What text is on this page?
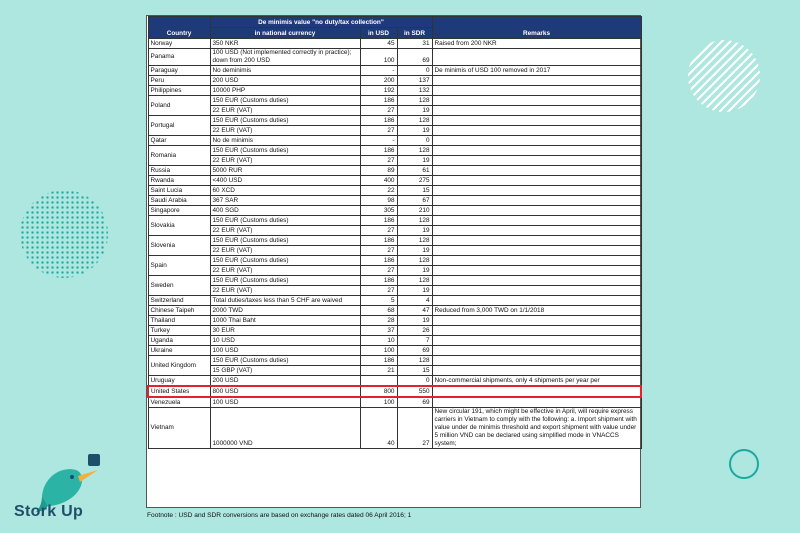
Country	De minimis value "no duty/tax collection"			Remarks
	in national currency	in USD	in SDR	
Norway	350 NKR	45	31	Raised from 200 NKR
Panama	100 USD (Not implemented correctly in practice); down from 200 USD	100	69	
Paraguay	No deminimis	-	0	De minimis of USD 100 removed in 2017
Peru	200 USD	200	137	
Philippines	10000 PHP	192	132	
Poland	150 EUR (Customs duties)	186	128	
	22 EUR (VAT)	27	19	
Portugal	150 EUR (Customs duties)	186	128	
	22 EUR (VAT)	27	19	
Qatar	No de minimis	-	0	
Romania	150 EUR (Customs duties)	186	128	
	22 EUR (VAT)	27	19	
Russia	5000 RUR	89	61	
Rwanda	<400 USD	400	275	
Saint Lucia	60 XCD	22	15	
Saudi Arabia	367 SAR	98	67	
Singapore	400 SGD	305	210	
Slovakia	150 EUR (Customs duties)	186	128	
	22 EUR (VAT)	27	19	
Slovenia	150 EUR (Customs duties)	186	128	
	22 EUR (VAT)	27	19	
Spain	150 EUR (Customs duties)	186	128	
	22 EUR (VAT)	27	19	
Sweden	150 EUR (Customs duties)	186	128	
	22 EUR (VAT)	27	19	
Switzerland	Total duties/taxes less than 5 CHF are waived	5	4	
Chinese Taipeh	2000 TWD	68	47	Reduced from 3,000 TWD on 1/1/2018
Thailand	1000 Thai Baht	28	19	
Turkey	30 EUR	37	26	
Uganda	10 USD	10	7	
Ukraine	100 USD	100	69	
United Kingdom	150 EUR (Customs duties)	186	128	
	15 GBP (VAT)	21	15	
Uruguay	200 USD		0	Non-commercial shipments, only 4 shipments per year per
United States	800 USD	800	550	
Venezuela	100 USD	100	69	
Vietnam	1000000 VND	40	27	New circular 191, which might be effective in April, will require express carriers in Vietnam to comply with the following: a. Import shipment with value under de minimis threshold and export shipment with value under 5 million VND can be declared using simplified mode in VNACCS system;
Footnote : USD and SDR conversions are based on exchange rates dated 06 April 2016; 1
Stork Up
